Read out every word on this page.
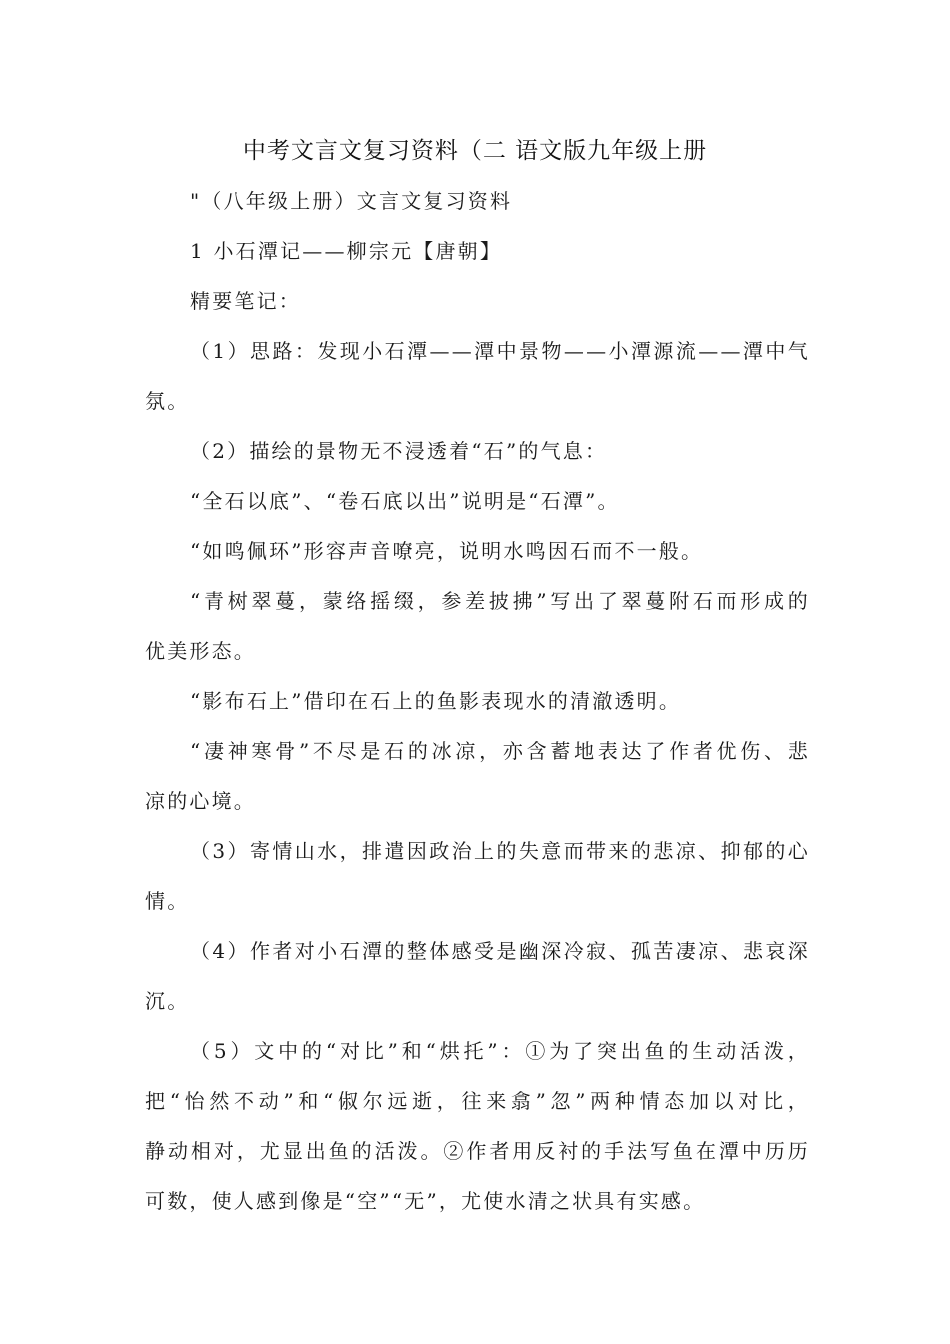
中考文言文复习资料（二 语文版九年级上册
"（八年级上册）文言文复习资料
1 小石潭记——柳宗元【唐朝】
精要笔记：
（1）思路：发现小石潭——潭中景物——小潭源流——潭中气
氛。
（2）描绘的景物无不浸透着“石”的气息：
“全石以底”、“卷石底以出”说明是“石潭”。
“如鸣佩环”形容声音嘹亮，说明水鸣因石而不一般。
“青树翠蔓，蒙络摇缀，参差披拂”写出了翠蔓附石而形成的
优美形态。
“影布石上”借印在石上的鱼影表现水的清澈透明。
“凄神寒骨”不尽是石的冰凉，亦含蓄地表达了作者优伤、悲
凉的心境。
（3）寄情山水，排遣因政治上的失意而带来的悲凉、抑郁的心
情。
（4）作者对小石潭的整体感受是幽深冷寂、孤苦凄凉、悲哀深
沉。
（5）文中的“对比”和“烘托”：①为了突出鱼的生动活泼，
把“怡然不动”和“俶尔远逝，往来翕”忽”两种情态加以对比，
静动相对，尤显出鱼的活泼。②作者用反衬的手法写鱼在潭中历历
可数，使人感到像是“空”“无”，尤使水清之状具有实感。
